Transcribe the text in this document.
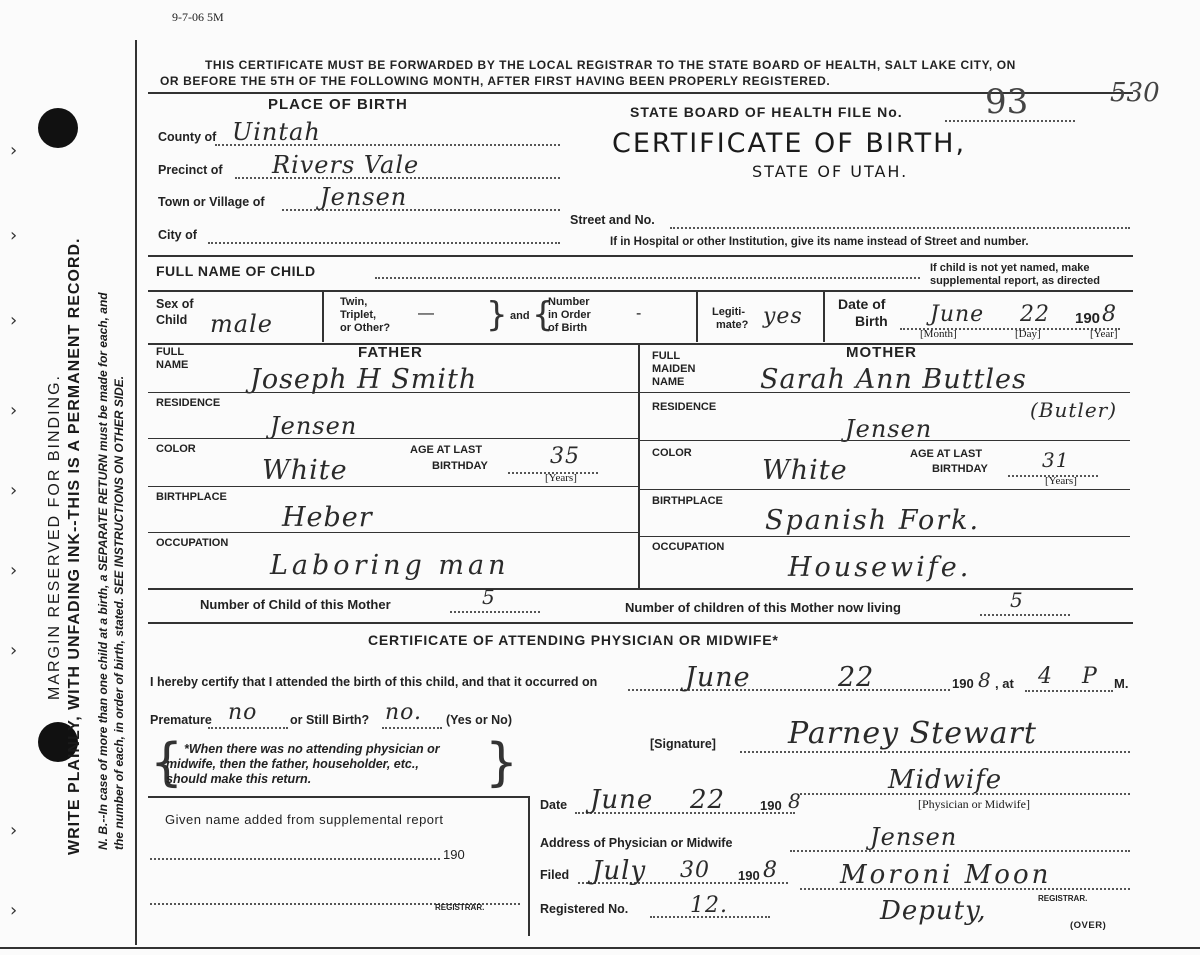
9-7-06 5M
MARGIN RESERVED FOR BINDING. WRITE PLAINLY, WITH UNFADING INK--THIS IS A PERMANENT RECORD. N. B.--In case of more than one child at a birth, a SEPARATE RETURN must be made for each, and the number of each, in order of birth, stated. SEE INSTRUCTIONS ON OTHER SIDE.
›
›
›
›
›
›
›
›
›
THIS CERTIFICATE MUST BE FORWARDED BY THE LOCAL REGISTRAR TO THE STATE BOARD OF HEALTH, SALT LAKE CITY, ON
OR BEFORE THE 5TH OF THE FOLLOWING MONTH, AFTER FIRST HAVING BEEN PROPERLY REGISTERED.
PLACE OF BIRTH
County of Uintah
Precinct of Rivers Vale
Town or Village of Jensen
City of
STATE BOARD OF HEALTH FILE No. 93	530
CERTIFICATE OF BIRTH,
STATE OF UTAH.
Street and No.
If in Hospital or other Institution, give its name instead of Street and number.
FULL NAME OF CHILD	If child is not yet named, make
supplemental report, as directed
Sex of
Child male
Twin,
Triplet,
or Other?
— } and {
Number
in Order
of Birth
-	Legiti-
mate? yes	Date of
Birth June 22 190 8
[Month]	[Day]	[Year]
FATHER
FULL
NAME Joseph H Smith
RESIDENCE
Jensen
COLOR
White
AGE AT LAST
BIRTHDAY	35
[Years]
BIRTHPLACE
Heber
OCCUPATION
Laboring man
MOTHER
FULL
MAIDEN
NAME	Sarah Ann Buttles
(Butler)
RESIDENCE
Jensen
COLOR
White
AGE AT LAST
BIRTHDAY	31
[Years]
BIRTHPLACE
Spanish Fork.
OCCUPATION
Housewife.
Number of Child of this Mother	5	Number of children of this Mother now living	5
CERTIFICATE OF ATTENDING PHYSICIAN OR MIDWIFE*
I hereby certify that I attended the birth of this child, and that it occurred on	June	22	190 8 , at 4 P M.
Premature no	or Still Birth? no. (Yes or No)
{	}
*When there was no attending physician or
midwife, then the father, householder, etc.,
should make this return.
[Signature] Parney Stewart
Midwife
[Physician or Midwife]
Given name added from supplemental report
190
REGISTRAR.
Date June 22	190 8
Address of Physician or Midwife	Jensen
Filed July 30 190 8 Moroni Moon
REGISTRAR.
Registered No.	12.	Deputy,	(OVER)
